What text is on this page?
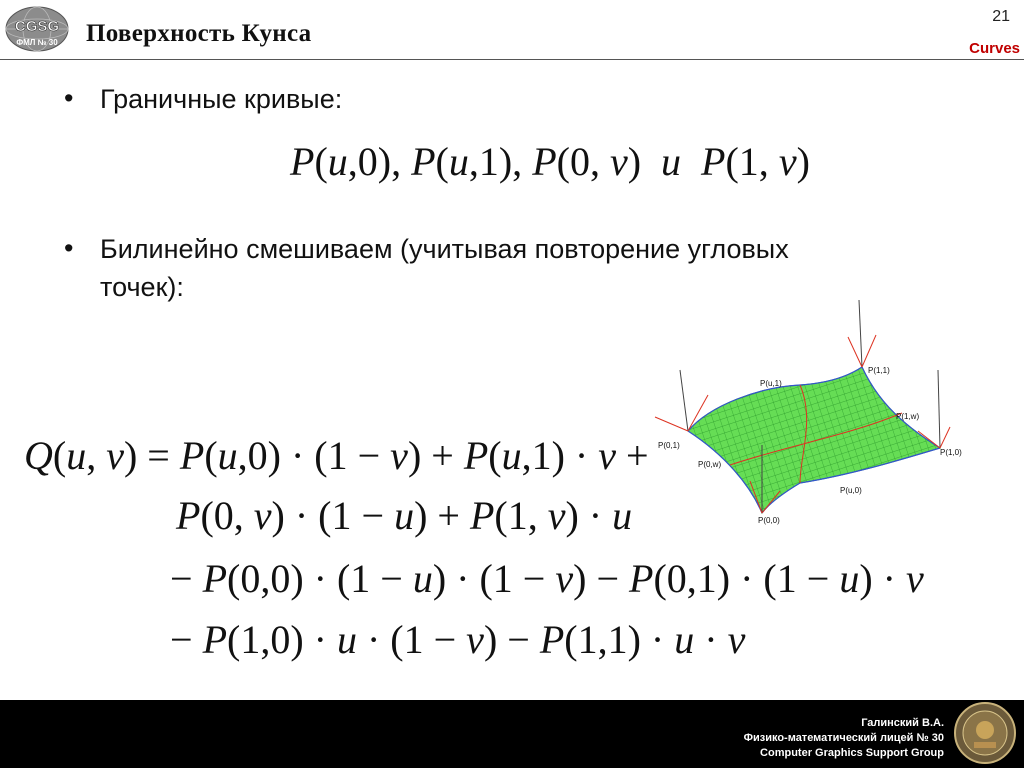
CGSG
ФМЛ № 30 Поверхность Кунса
21
Curves
• Граничные кривые:
P(u,0), P(u,1), P(0, v)  и P(1, v)
• Билинейно смешиваем (учитывая повторение угловых точек):
Q(u, v) = P(u,0) · (1 − v) + P(u,1) · v +
P(0, v) · (1 − u) + P(1, v) · u
− P(0,0) · (1 − u) · (1 − v) − P(0,1) · (1 − u) · v
− P(1,0) · u · (1 − v) − P(1,1) · u · v
P(1,1)
P(u,1)
P(1,w)
P(0,1)
P(0,w)
P(1,0)
P(u,0)
P(0,0)
Галинский В.А.
Физико-математический лицей № 30
Computer Graphics Support Group
